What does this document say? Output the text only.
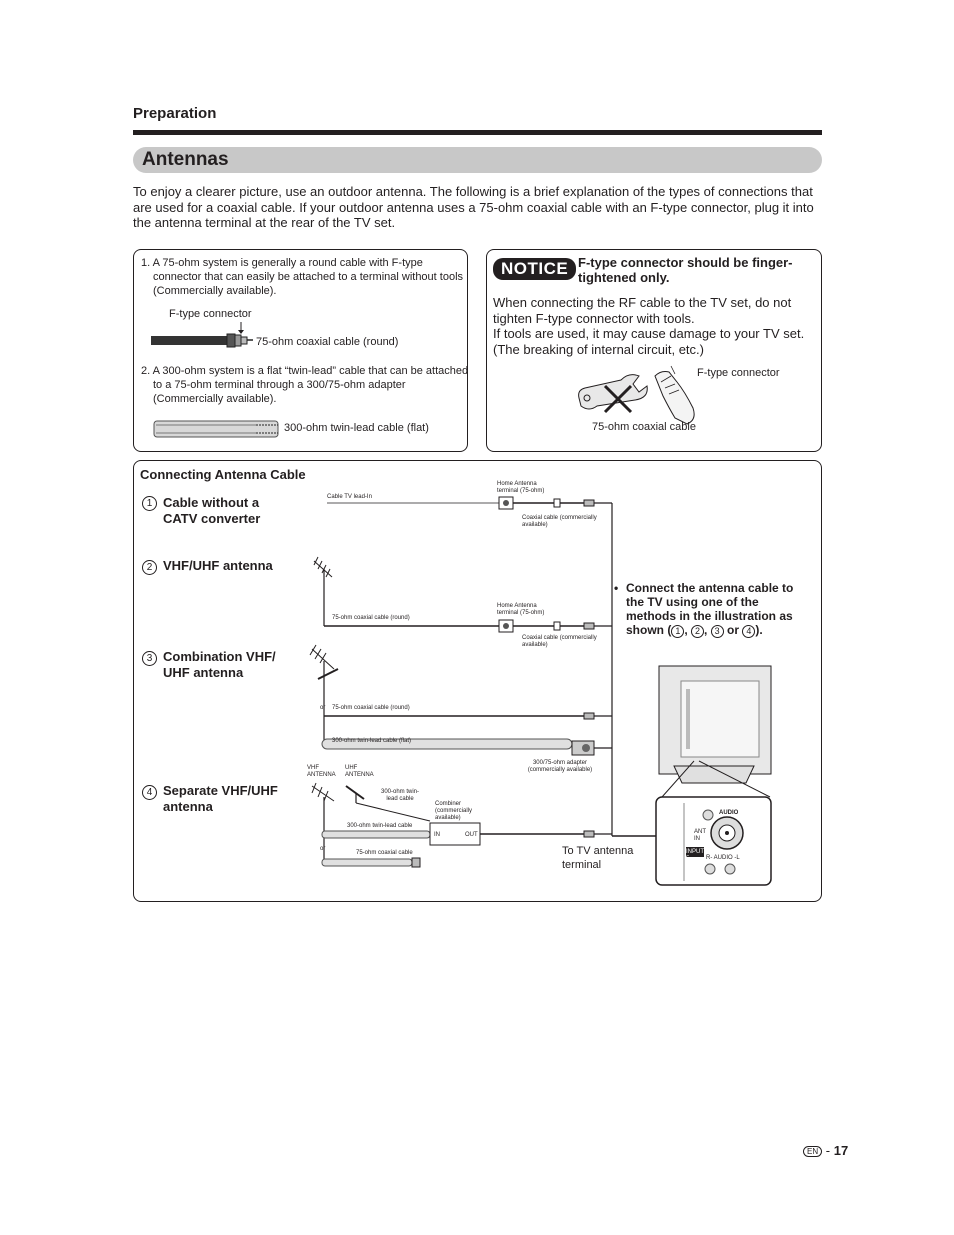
Preparation
Antennas
To enjoy a clearer picture, use an outdoor antenna. The following is a brief explanation of the types of connections that are used for a coaxial cable. If your outdoor antenna uses a 75-ohm coaxial cable with an F-type connector, plug it into the antenna terminal at the rear of the TV set.
1. A 75-ohm system is generally a round cable with F-type connector that can easily be attached to a terminal without tools (Commercially available).
F-type connector
75-ohm coaxial cable (round)
2. A 300-ohm system is a flat “twin-lead” cable that can be attached to a 75-ohm terminal through a 300/75-ohm adapter (Commercially available).
300-ohm twin-lead cable (flat)
NOTICE F-type connector should be finger-tightened only.
When connecting the RF cable to the TV set, do not tighten F-type connector with tools.
If tools are used, it may cause damage to your TV set. (The breaking of internal circuit, etc.)
F-type connector
75-ohm coaxial cable
Connecting Antenna Cable
1 Cable without a CATV converter
2 VHF/UHF antenna
3 Combination VHF/ UHF antenna
4 Separate VHF/UHF antenna
Cable TV lead-In
Home Antenna terminal (75-ohm)
Coaxial cable (commercially available)
75-ohm coaxial cable (round)
Home Antenna terminal (75-ohm)
Coaxial cable (commercially available)
or 75-ohm coaxial cable (round)
300-ohm twin-lead cable (flat)
300/75-ohm adapter (commercially available)
VHF ANTENNA
UHF ANTENNA
300-ohm twin-lead cable
300-ohm twin-lead cable
Combiner (commercially available)
IN	OUT
or
75-ohm coaxial cable	To TV antenna terminal
AUDIO
ANT IN
INPUT 5	R- AUDIO -L
• Connect the antenna cable to the TV using one of the methods in the illustration as shown ( 1 , 2 , 3 or 4 ).
EN - 17
